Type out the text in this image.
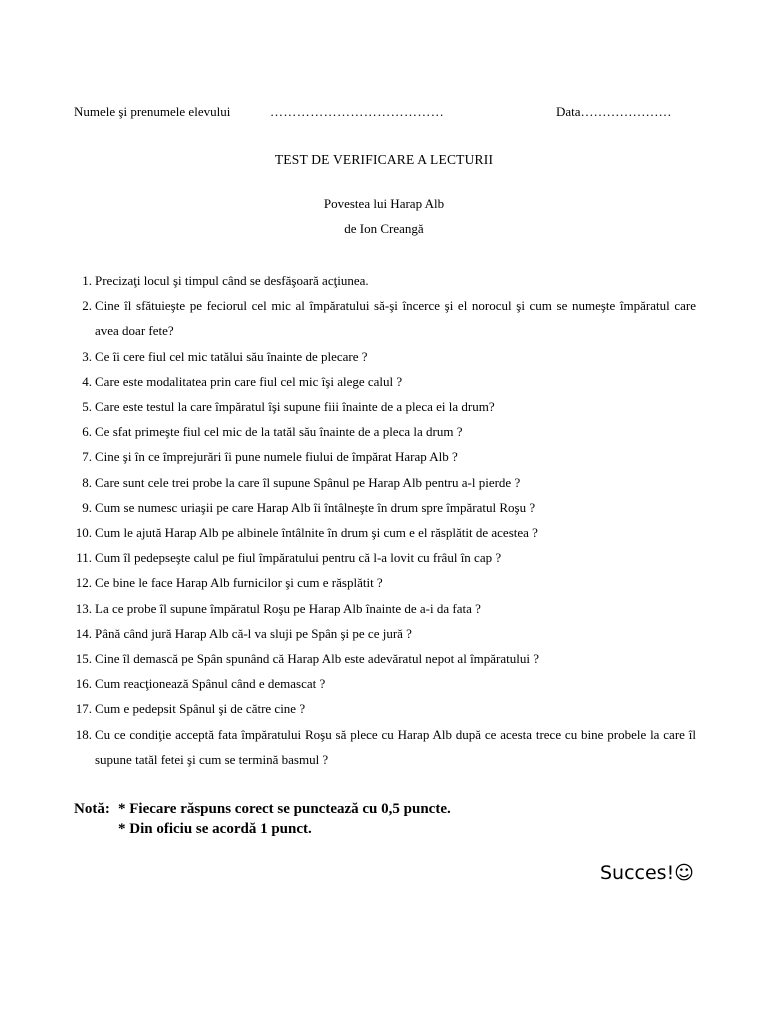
Numele şi prenumele elevului	…………………………………	Data…………………
TEST DE VERIFICARE A LECTURII
Povestea lui Harap Alb
de Ion Creangă
1. Precizaţi locul şi timpul când se desfăşoară acţiunea.
2. Cine îl sfătuieşte pe feciorul cel mic al împăratului să-şi încerce şi el norocul şi cum se numeşte împăratul care avea doar fete?
3. Ce îi cere fiul cel mic tatălui său înainte de plecare ?
4. Care este modalitatea prin care fiul cel mic îşi alege calul ?
5. Care este testul la care împăratul îşi supune fiii înainte de a pleca ei la drum?
6. Ce sfat primeşte fiul cel mic de la tatăl său înainte de a pleca la drum ?
7. Cine şi în ce împrejurări îi pune numele fiului de împărat Harap Alb ?
8. Care sunt cele trei probe la care îl supune Spânul pe Harap Alb pentru a-l pierde ?
9. Cum se numesc uriaşii pe care Harap Alb îi întâlneşte în drum spre împăratul Roşu ?
10. Cum le ajută Harap Alb pe albinele întâlnite în drum şi cum e el răsplătit de acestea ?
11. Cum îl pedepseşte calul pe fiul împăratului pentru că l-a lovit cu frâul în cap ?
12. Ce bine le face Harap Alb furnicilor şi cum e răsplătit ?
13. La ce probe îl supune împăratul Roşu pe Harap Alb înainte de a-i da fata ?
14. Până când jură Harap Alb că-l va sluji pe Spân şi pe ce jură ?
15. Cine îl demască pe Spân spunând că Harap Alb este adevăratul nepot al împăratului ?
16. Cum reacţionează Spânul când e demascat ?
17. Cum e pedepsit Spânul şi de către cine ?
18. Cu ce condiţie acceptă fata împăratului Roşu să plece cu Harap Alb după ce acesta trece cu bine probele la care îl supune tatăl fetei şi cum se termină basmul ?
Notă: * Fiecare răspuns corect se punctează cu 0,5 puncte.
* Din oficiu se acordă 1 punct.
Succes!☺
